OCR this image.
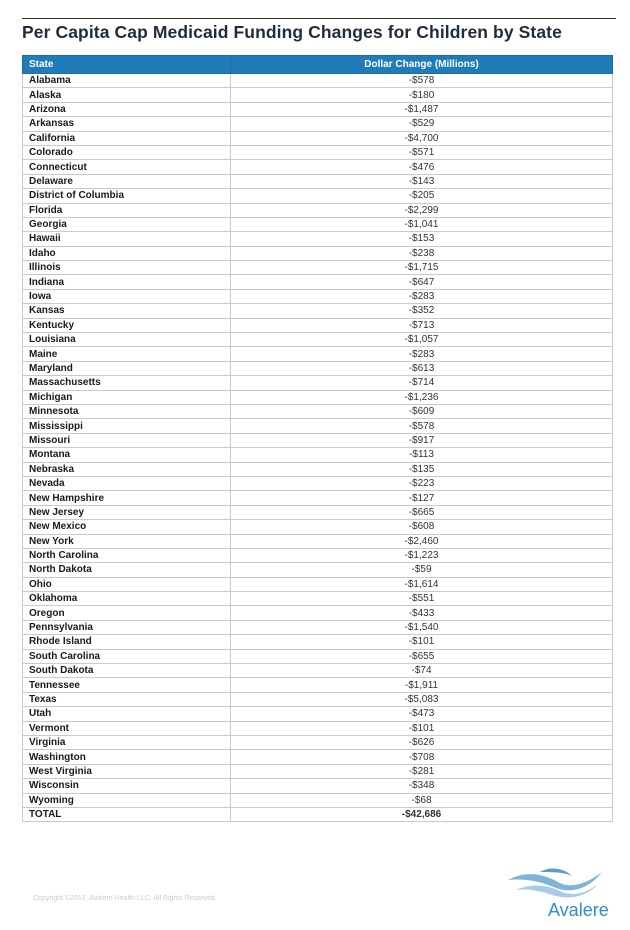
Per Capita Cap Medicaid Funding Changes for Children by State
State	Dollar Change (Millions)
Alabama	-$578
Alaska	-$180
Arizona	-$1,487
Arkansas	-$529
California	-$4,700
Colorado	-$571
Connecticut	-$476
Delaware	-$143
District of Columbia	-$205
Florida	-$2,299
Georgia	-$1,041
Hawaii	-$153
Idaho	-$238
Illinois	-$1,715
Indiana	-$647
Iowa	-$283
Kansas	-$352
Kentucky	-$713
Louisiana	-$1,057
Maine	-$283
Maryland	-$613
Massachusetts	-$714
Michigan	-$1,236
Minnesota	-$609
Mississippi	-$578
Missouri	-$917
Montana	-$113
Nebraska	-$135
Nevada	-$223
New Hampshire	-$127
New Jersey	-$665
New Mexico	-$608
New York	-$2,460
North Carolina	-$1,223
North Dakota	-$59
Ohio	-$1,614
Oklahoma	-$551
Oregon	-$433
Pennsylvania	-$1,540
Rhode Island	-$101
South Carolina	-$655
South Dakota	-$74
Tennessee	-$1,911
Texas	-$5,083
Utah	-$473
Vermont	-$101
Virginia	-$626
Washington	-$708
West Virginia	-$281
Wisconsin	-$348
Wyoming	-$68
TOTAL	-$42,686
Copyright ©2017, Avalere Health LLC. All Rights Reserved.
Avalere
